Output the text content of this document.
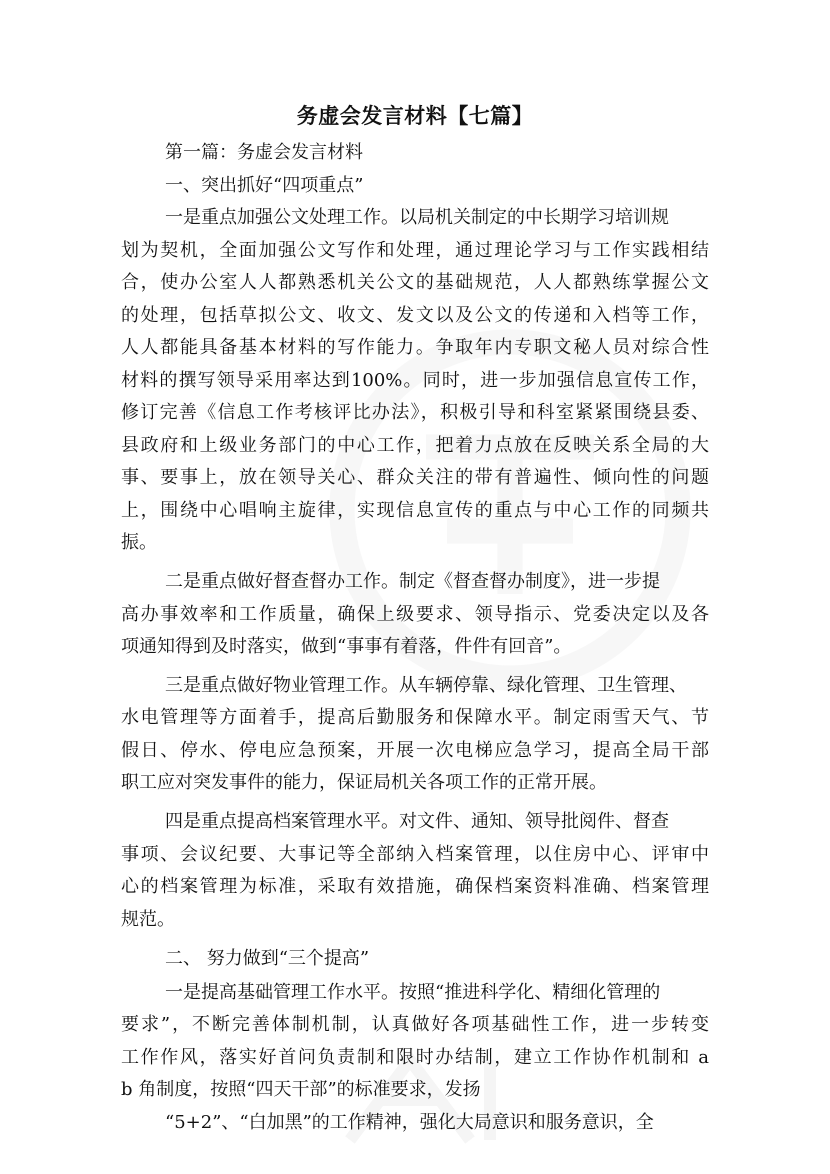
务虚会发言材料【七篇】
第一篇：务虚会发言材料
一、突出抓好“四项重点”
一是重点加强公文处理工作。以局机关制定的中长期学习培训规
划为契机，全面加强公文写作和处理，通过理论学习与工作实践相结
合，使办公室人人都熟悉机关公文的基础规范，人人都熟练掌握公文
的处理，包括草拟公文、收文、发文以及公文的传递和入档等工作，
人人都能具备基本材料的写作能力。争取年内专职文秘人员对综合性
材料的撰写领导采用率达到100%。同时，进一步加强信息宣传工作，
修订完善《信息工作考核评比办法》，积极引导和科室紧紧围绕县委、
县政府和上级业务部门的中心工作，把着力点放在反映关系全局的大
事、要事上，放在领导关心、群众关注的带有普遍性、倾向性的问题
上，围绕中心唱响主旋律，实现信息宣传的重点与中心工作的同频共
振。
二是重点做好督查督办工作。制定《督查督办制度》，进一步提
高办事效率和工作质量，确保上级要求、领导指示、党委决定以及各
项通知得到及时落实，做到“事事有着落，件件有回音”。
三是重点做好物业管理工作。从车辆停靠、绿化管理、卫生管理、
水电管理等方面着手，提高后勤服务和保障水平。制定雨雪天气、节
假日、停水、停电应急预案，开展一次电梯应急学习，提高全局干部
职工应对突发事件的能力，保证局机关各项工作的正常开展。
四是重点提高档案管理水平。对文件、通知、领导批阅件、督查
事项、会议纪要、大事记等全部纳入档案管理，以住房中心、评审中
心的档案管理为标准，采取有效措施，确保档案资料准确、档案管理
规范。
二、 努力做到“三个提高”
一是提高基础管理工作水平。按照“推进科学化、精细化管理的
要求”，不断完善体制机制，认真做好各项基础性工作，进一步转变
工作作风，落实好首问负责制和限时办结制，建立工作协作机制和 a
b 角制度，按照“四天干部”的标准要求，发扬
“5+2”、“白加黑”的工作精神，强化大局意识和服务意识，全
